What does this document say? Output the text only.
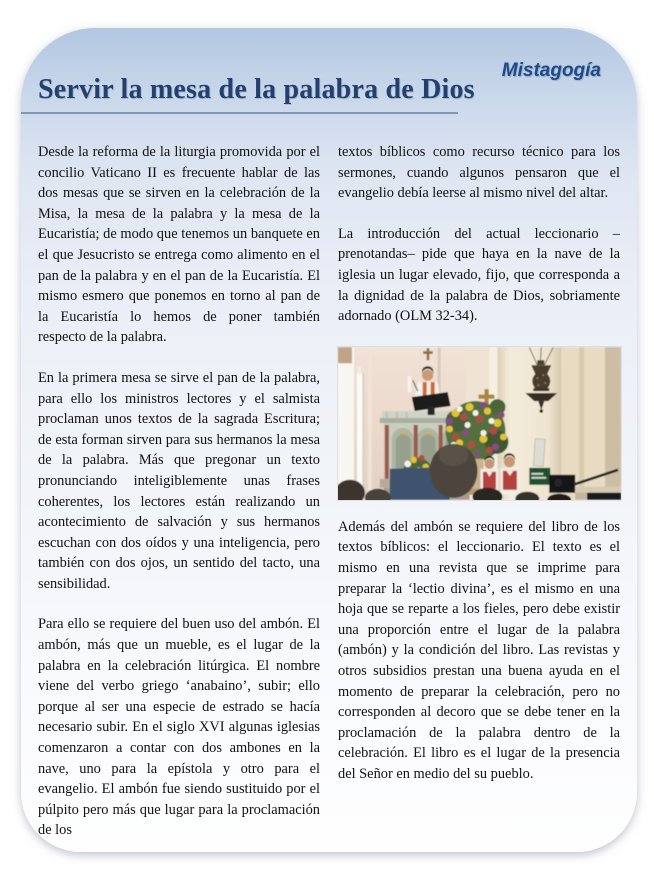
Mistagogía
Servir la mesa de la palabra de Dios

Desde la reforma de la liturgia promovida por el concilio Vaticano II es frecuente hablar de las dos mesas que se sirven en la celebración de la Misa, la mesa de la palabra y la mesa de la Eucaristía; de modo que tenemos un banquete en el que Jesucristo se entrega como alimento en el pan de la palabra y en el pan de la Eucaristía. El mismo esmero que ponemos en torno al pan de la Eucaristía lo hemos de poner también respecto de la palabra.

En la primera mesa se sirve el pan de la palabra, para ello los ministros lectores y el salmista proclaman unos textos de la sagrada Escritura; de esta forman sirven para sus hermanos la mesa de la palabra. Más que pregonar un texto pronunciando inteligiblemente unas frases coherentes, los lectores están realizando un acontecimiento de salvación y sus hermanos escuchan con dos oídos y una inteligencia, pero también con dos ojos, un sentido del tacto, una sensibilidad.

Para ello se requiere del buen uso del ambón. El ambón, más que un mueble, es el lugar de la palabra en la celebración litúrgica. El nombre viene del verbo griego ‘anabaino’, subir; ello porque al ser una especie de estrado se hacía necesario subir. En el siglo XVI algunas iglesias comenzaron a contar con dos ambones en la nave, uno para la epístola y otro para el evangelio. El ambón fue siendo sustituido por el púlpito pero más que lugar para la proclamación de los

textos bíblicos como recurso técnico para los sermones, cuando algunos pensaron que el evangelio debía leerse al mismo nivel del altar.

La introducción del actual leccionario – prenotandas– pide que haya en la nave de la iglesia un lugar elevado, fijo, que corresponda a la dignidad de la palabra de Dios, sobriamente adornado (OLM 32-34).

Además del ambón se requiere del libro de los textos bíblicos: el leccionario. El texto es el mismo en una revista que se imprime para preparar la ‘lectio divina’, es el mismo en una hoja que se reparte a los fieles, pero debe existir una proporción entre el lugar de la palabra (ambón) y la condición del libro. Las revistas y otros subsidios prestan una buena ayuda en el momento de preparar la celebración, pero no corresponden al decoro que se debe tener en la proclamación de la palabra dentro de la celebración. El libro es el lugar de la presencia del Señor en medio del su pueblo.
